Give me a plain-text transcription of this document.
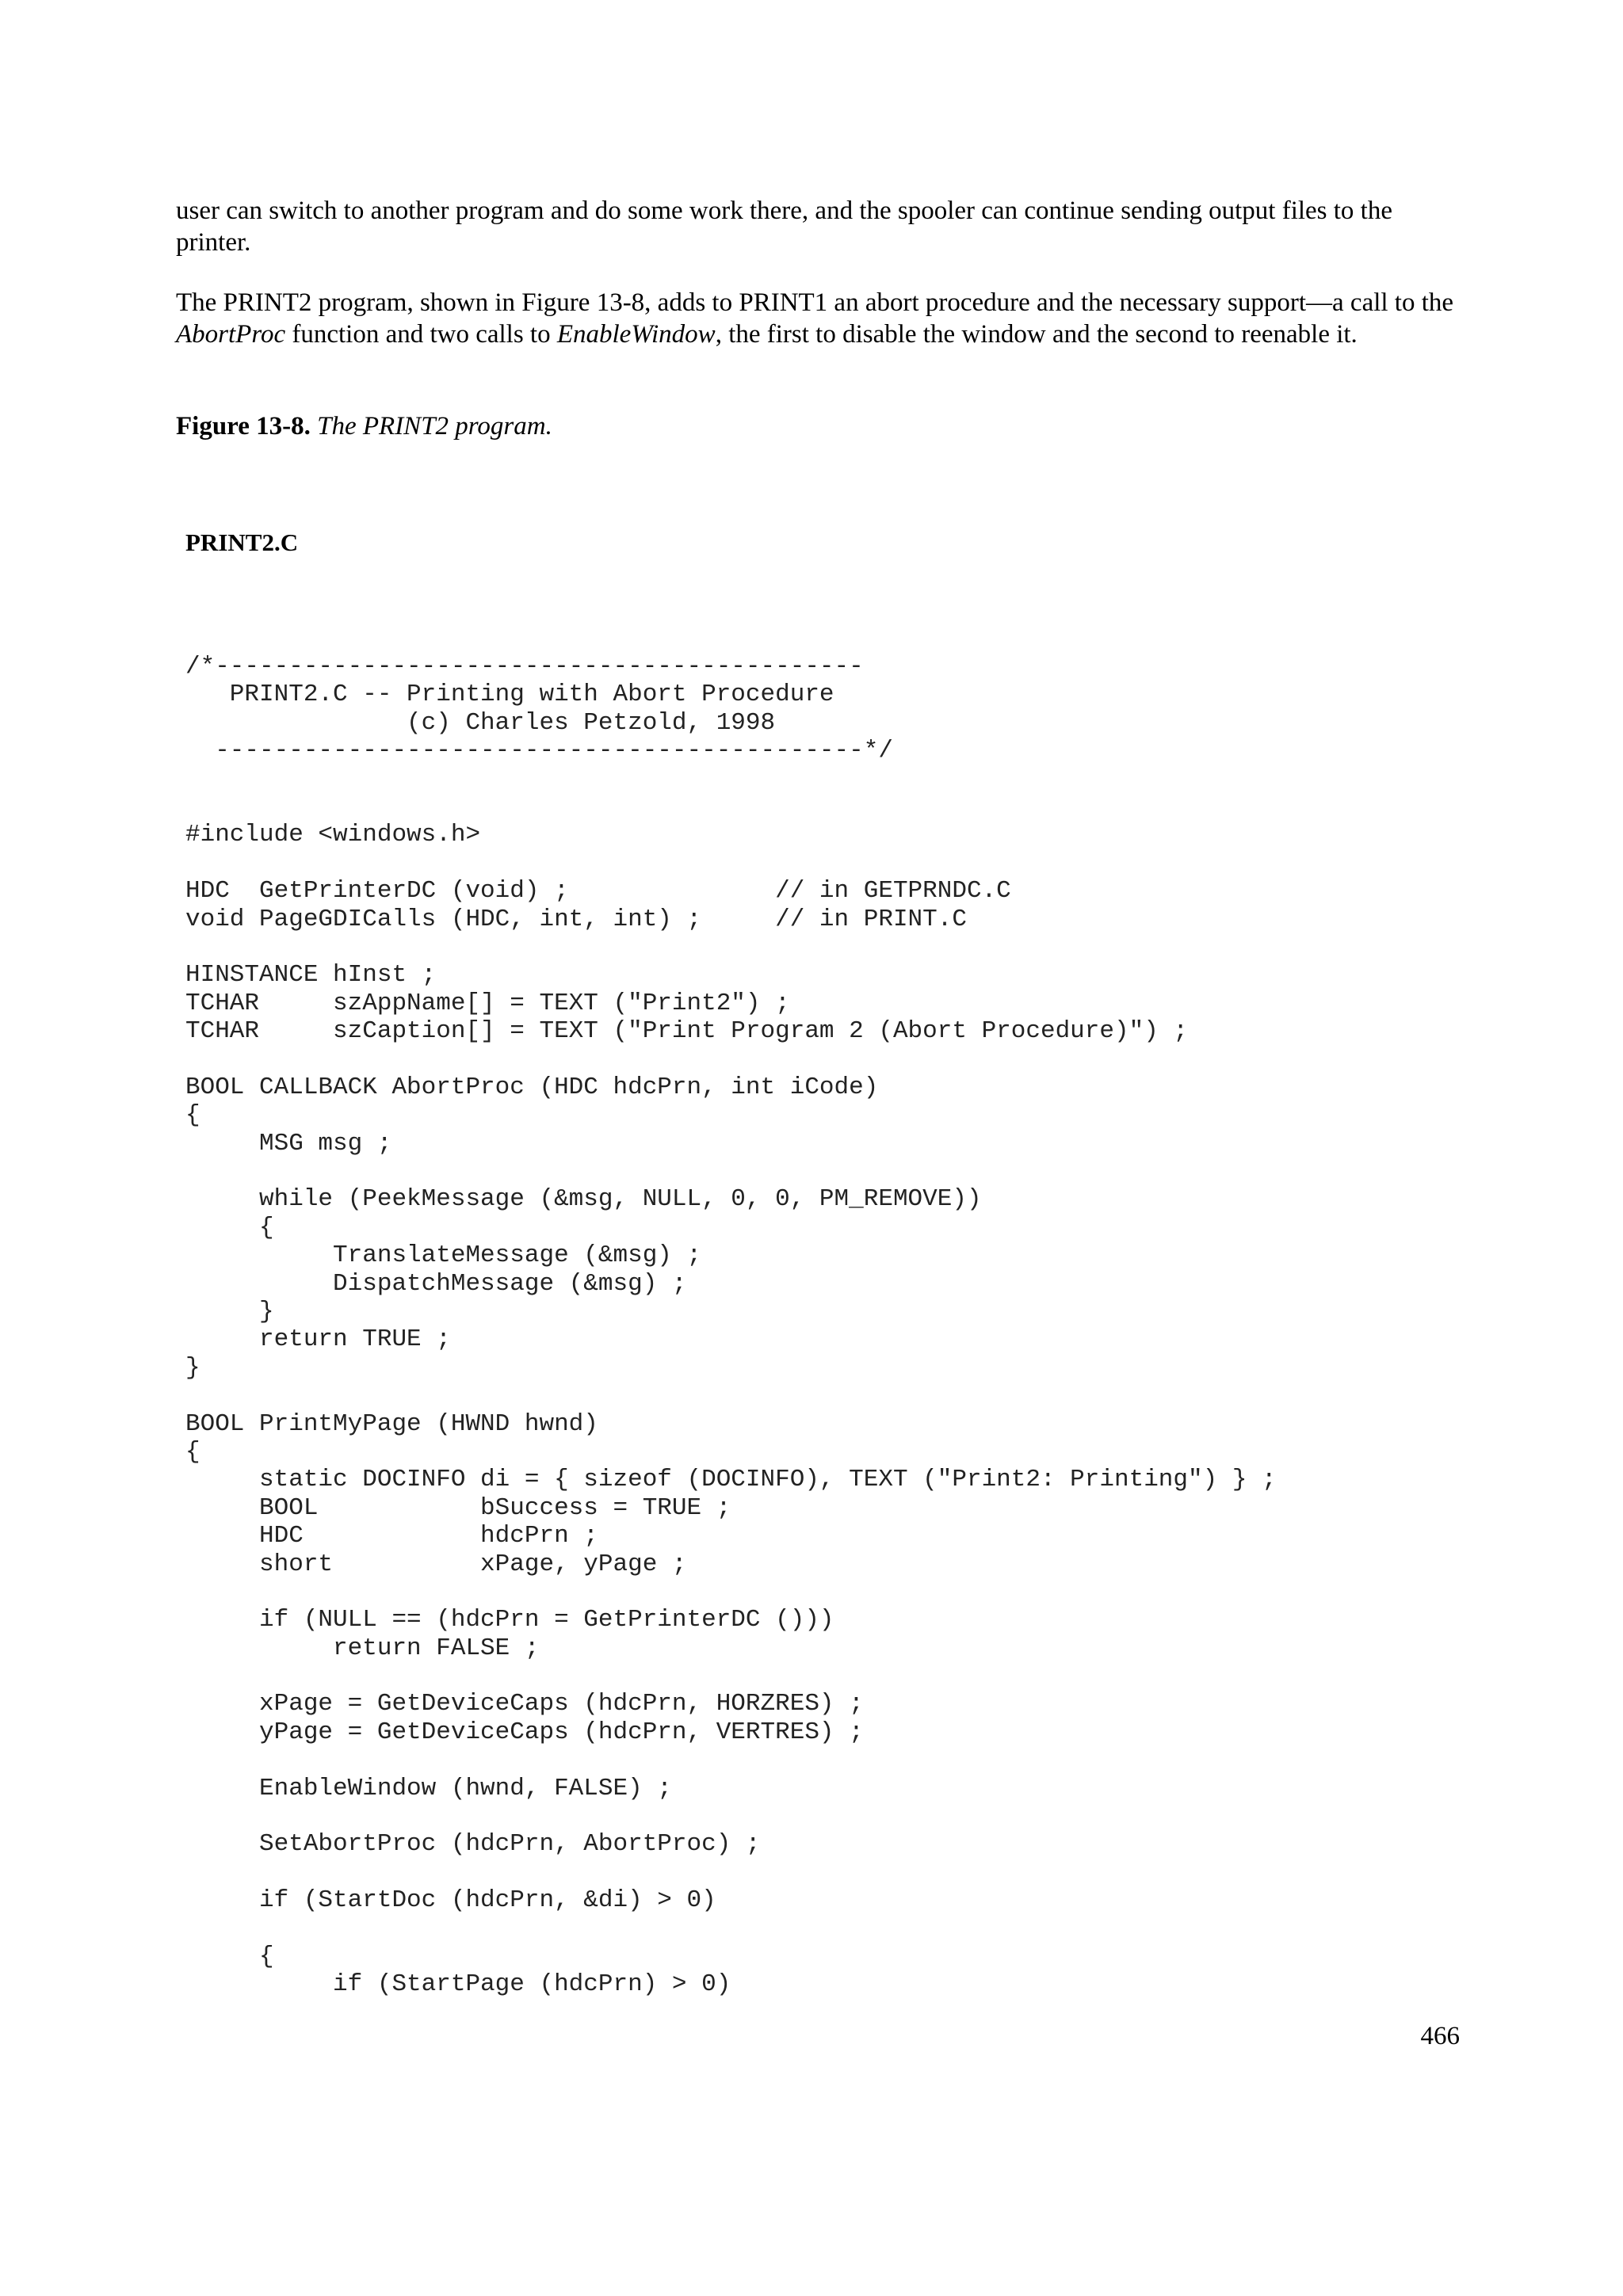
user can switch to another program and do some work there, and the spooler can continue sending output files to the printer.

The PRINT2 program, shown in Figure 13-8, adds to PRINT1 an abort procedure and the necessary support—a call to the AbortProc function and two calls to EnableWindow, the first to disable the window and the second to reenable it.

Figure 13-8. The PRINT2 program.

PRINT2.C

/*--------------------------------------------
PRINT2.C -- Printing with Abort Procedure
(c) Charles Petzold, 1998
--------------------------------------------*/
#include <windows.h>
HDC  GetPrinterDC (void) ;              // in GETPRNDC.C
void PageGDICalls (HDC, int, int) ;     // in PRINT.C
HINSTANCE hInst ;
TCHAR     szAppName[] = TEXT ("Print2") ;
TCHAR     szCaption[] = TEXT ("Print Program 2 (Abort Procedure)") ;
BOOL CALLBACK AbortProc (HDC hdcPrn, int iCode)
{
MSG msg ;
while (PeekMessage (&msg, NULL, 0, 0, PM_REMOVE))
{
TranslateMessage (&msg) ;
DispatchMessage (&msg) ;
}
return TRUE ;
}
BOOL PrintMyPage (HWND hwnd)
{
static DOCINFO di = { sizeof (DOCINFO), TEXT ("Print2: Printing") } ;
BOOL           bSuccess = TRUE ;
HDC            hdcPrn ;
short          xPage, yPage ;
if (NULL == (hdcPrn = GetPrinterDC ()))
return FALSE ;
xPage = GetDeviceCaps (hdcPrn, HORZRES) ;
yPage = GetDeviceCaps (hdcPrn, VERTRES) ;
EnableWindow (hwnd, FALSE) ;
SetAbortProc (hdcPrn, AbortProc) ;
if (StartDoc (hdcPrn, &di) > 0)
{
if (StartPage (hdcPrn) > 0)

466
